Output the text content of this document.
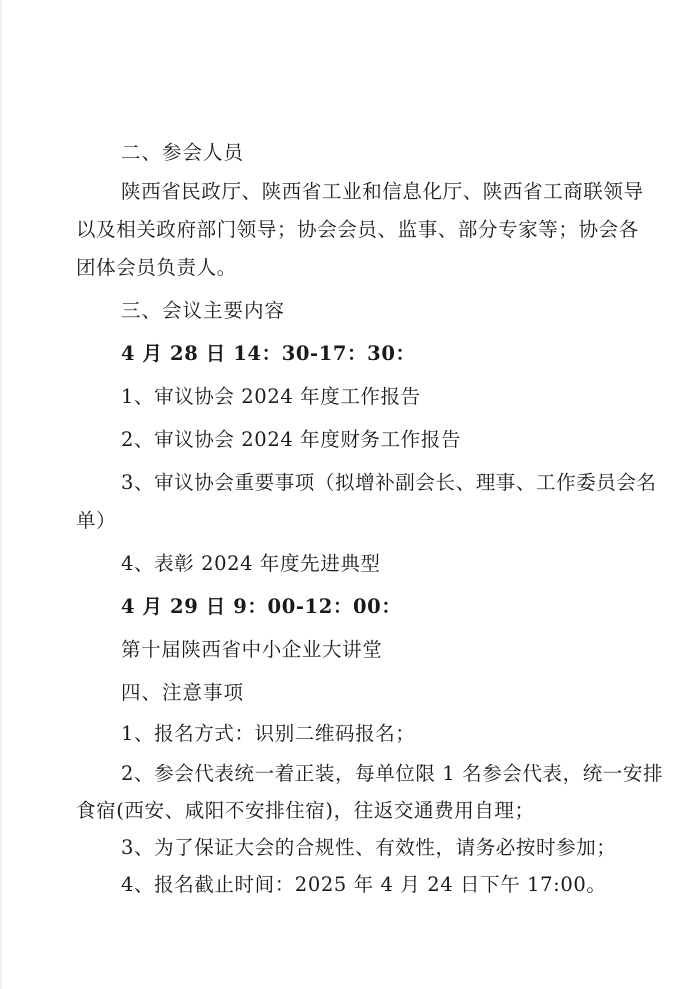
二、参会人员
陕西省民政厅、陕西省工业和信息化厅、陕西省工商联领导
以及相关政府部门领导；协会会员、监事、部分专家等；协会各
团体会员负责人。
三、会议主要内容
4 月 28 日 14：30-17：30：
1、审议协会 2024 年度工作报告
2、审议协会 2024 年度财务工作报告
3、审议协会重要事项（拟增补副会长、理事、工作委员会名
单）
4、表彰 2024 年度先进典型
4 月 29 日 9：00-12：00：
第十届陕西省中小企业大讲堂
四、注意事项
1、报名方式：识别二维码报名；
2、参会代表统一着正装，每单位限 1 名参会代表，统一安排
食宿(西安、咸阳不安排住宿)，往返交通费用自理；
3、为了保证大会的合规性、有效性，请务必按时参加；
4、报名截止时间：2025 年 4 月 24 日下午 17:00。
